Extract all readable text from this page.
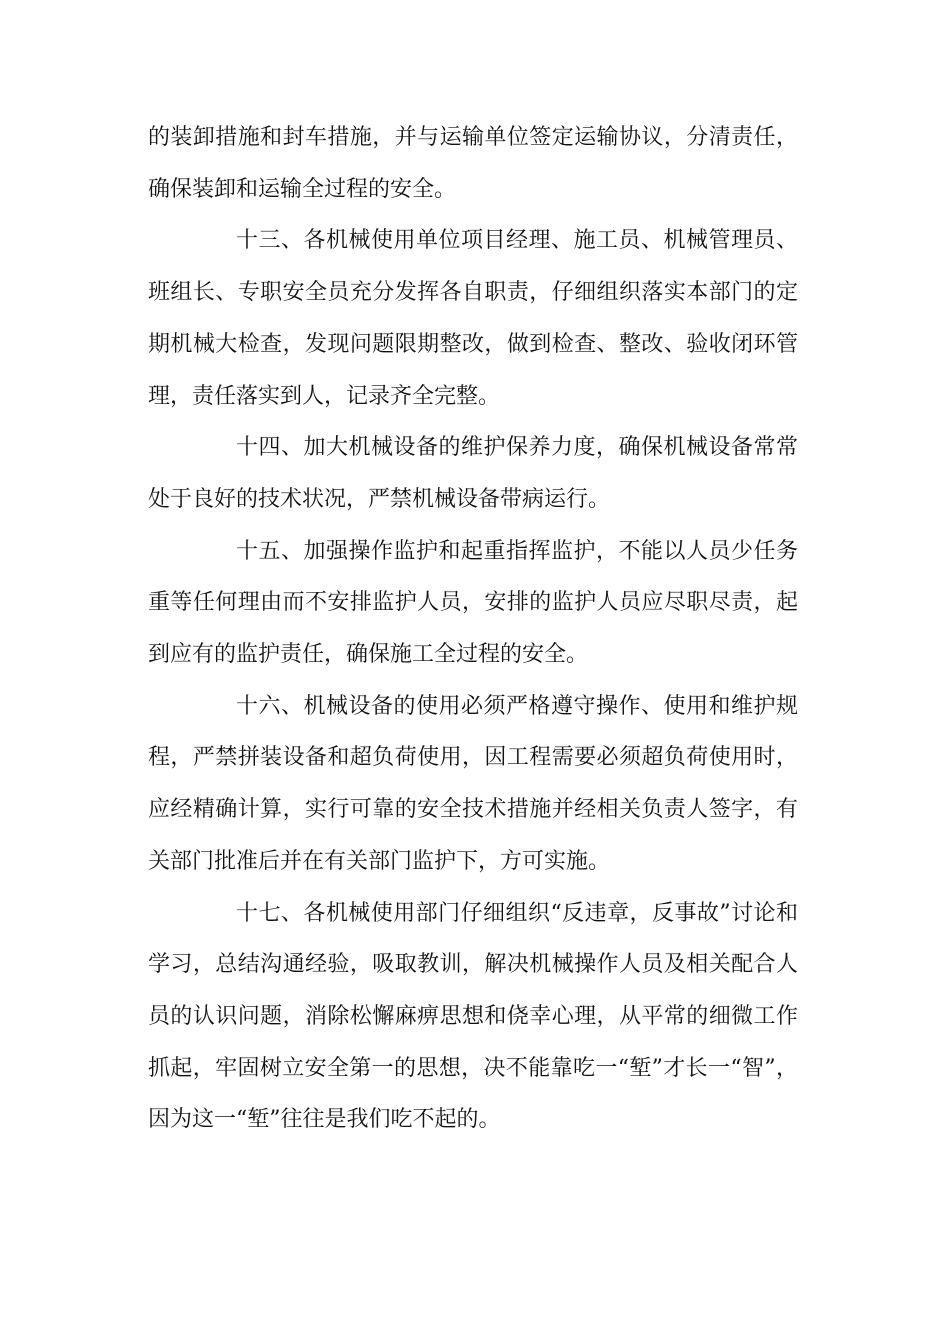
的装卸措施和封车措施，并与运输单位签定运输协议，分清责任，确保装卸和运输全过程的安全。

十三、各机械使用单位项目经理、施工员、机械管理员、班组长、专职安全员充分发挥各自职责，仔细组织落实本部门的定期机械大检查，发现问题限期整改，做到检查、整改、验收闭环管理，责任落实到人，记录齐全完整。

十四、加大机械设备的维护保养力度，确保机械设备常常处于良好的技术状况，严禁机械设备带病运行。

十五、加强操作监护和起重指挥监护，不能以人员少任务重等任何理由而不安排监护人员，安排的监护人员应尽职尽责，起到应有的监护责任，确保施工全过程的安全。

十六、机械设备的使用必须严格遵守操作、使用和维护规程，严禁拼装设备和超负荷使用，因工程需要必须超负荷使用时，应经精确计算，实行可靠的安全技术措施并经相关负责人签字，有关部门批准后并在有关部门监护下，方可实施。

十七、各机械使用部门仔细组织“反违章，反事故”讨论和学习，总结沟通经验，吸取教训，解决机械操作人员及相关配合人员的认识问题，消除松懈麻痹思想和侥幸心理，从平常的细微工作抓起，牢固树立安全第一的思想，决不能靠吃一“堑”才长一“智”，因为这一“堑”往往是我们吃不起的。
